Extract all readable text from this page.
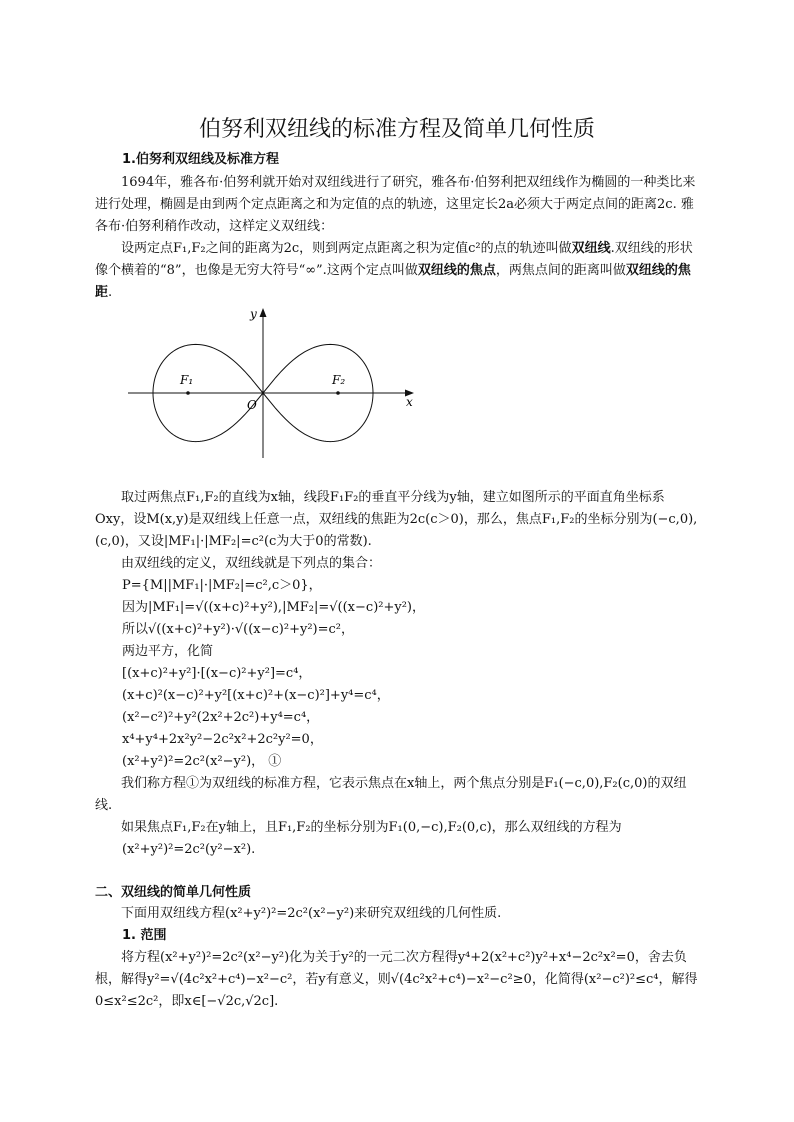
伯努利双纽线的标准方程及简单几何性质
1.伯努利双纽线及标准方程

1694年，雅各布·伯努利就开始对双纽线进行了研究，雅各布·伯努利把双纽线作为椭圆的一种类比来进行处理，椭圆是由到两个定点距离之和为定值的点的轨迹，这里定长2a必须大于两定点间的距离2c. 雅各布·伯努利稍作改动，这样定义双纽线：

设两定点F₁,F₂之间的距离为2c，则到两定点距离之积为定值c²的点的轨迹叫做双纽线.双纽线的形状像个横着的“8”，也像是无穷大符号“∞”.这两个定点叫做双纽线的焦点，两焦点间的距离叫做双纽线的焦距.

y
x
O
F₁	F₂

取过两焦点F₁,F₂的直线为x轴，线段F₁F₂的垂直平分线为y轴，建立如图所示的平面直角坐标系Oxy，设M(x,y)是双纽线上任意一点，双纽线的焦距为2c(c＞0)，那么，焦点F₁,F₂的坐标分别为(−c,0),(c,0)，又设|MF₁|·|MF₂|=c²(c为大于0的常数).

由双纽线的定义，双纽线就是下列点的集合：

P={M||MF₁|·|MF₂|=c²,c＞0}，

因为|MF₁|=√((x+c)²+y²),|MF₂|=√((x−c)²+y²)，

所以√((x+c)²+y²)·√((x−c)²+y²)=c²，

两边平方，化简

[(x+c)²+y²]·[(x−c)²+y²]=c⁴，

(x+c)²(x−c)²+y²[(x+c)²+(x−c)²]+y⁴=c⁴，

(x²−c²)²+y²(2x²+2c²)+y⁴=c⁴，

x⁴+y⁴+2x²y²−2c²x²+2c²y²=0，

(x²+y²)²=2c²(x²−y²)， ①

我们称方程①为双纽线的标准方程，它表示焦点在x轴上，两个焦点分别是F₁(−c,0),F₂(c,0)的双纽线.

如果焦点F₁,F₂在y轴上，且F₁,F₂的坐标分别为F₁(0,−c),F₂(0,c)，那么双纽线的方程为

(x²+y²)²=2c²(y²−x²).

二、双纽线的简单几何性质

下面用双纽线方程(x²+y²)²=2c²(x²−y²)来研究双纽线的几何性质.

1. 范围

将方程(x²+y²)²=2c²(x²−y²)化为关于y²的一元二次方程得y⁴+2(x²+c²)y²+x⁴−2c²x²=0，舍去负根，解得y²=√(4c²x²+c⁴)−x²−c²，若y有意义，则√(4c²x²+c⁴)−x²−c²≥0，化简得(x²−c²)²≤c⁴，解得0≤x²≤2c²，即x∈[−√2c,√2c].
